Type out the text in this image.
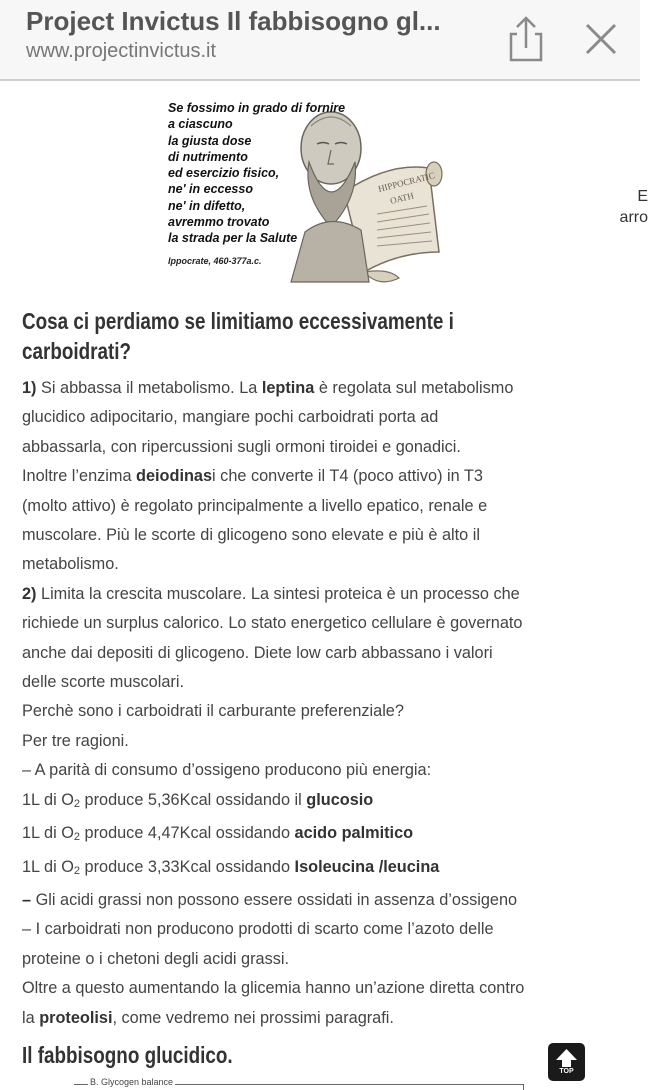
Project Invictus Il fabbisogno gl...
www.projectinvictus.it
Se fossimo in grado di fornire
a ciascuno
la giusta dose
di nutrimento
ed esercizio fisico,
ne' in eccesso
ne' in difetto,
avremmo trovato
la strada per la Salute
Ippocrate, 460-377a.c.
HIPPOCRATIC
OATH	E
arro
Cosa ci perdiamo se limitiamo eccessivamente i
carboidrati?

1) Si abbassa il metabolismo. La leptina è regolata sul metabolismo

glucidico adipocitario, mangiare pochi carboidrati porta ad

abbassarla, con ripercussioni sugli ormoni tiroidei e gonadici.

Inoltre l’enzima deiodinasi che converte il T4 (poco attivo) in T3

(molto attivo) è regolato principalmente a livello epatico, renale e

muscolare. Più le scorte di glicogeno sono elevate e più è alto il

metabolismo.

2) Limita la crescita muscolare. La sintesi proteica è un processo che

richiede un surplus calorico. Lo stato energetico cellulare è governato

anche dai depositi di glicogeno. Diete low carb abbassano i valori

delle scorte muscolari.

Perchè sono i carboidrati il carburante preferenziale?

Per tre ragioni.

– A parità di consumo d’ossigeno producono più energia:

1L di $O_2$ produce 5,36Kcal ossidando il glucosio

1L di $O_2$ produce 4,47Kcal ossidando acido palmitico

1L di $O_2$ produce 3,33Kcal ossidando Isoleucina /leucina

– Gli acidi grassi non possono essere ossidati in assenza d’ossigeno

– I carboidrati non producono prodotti di scarto come l’azoto delle

proteine o i chetoni degli acidi grassi.

Oltre a questo aumentando la glicemia hanno un’azione diretta contro

la proteolisi, come vedremo nei prossimi paragrafi.

Il fabbisogno glucidico.
TOP
B. Glycogen balance
